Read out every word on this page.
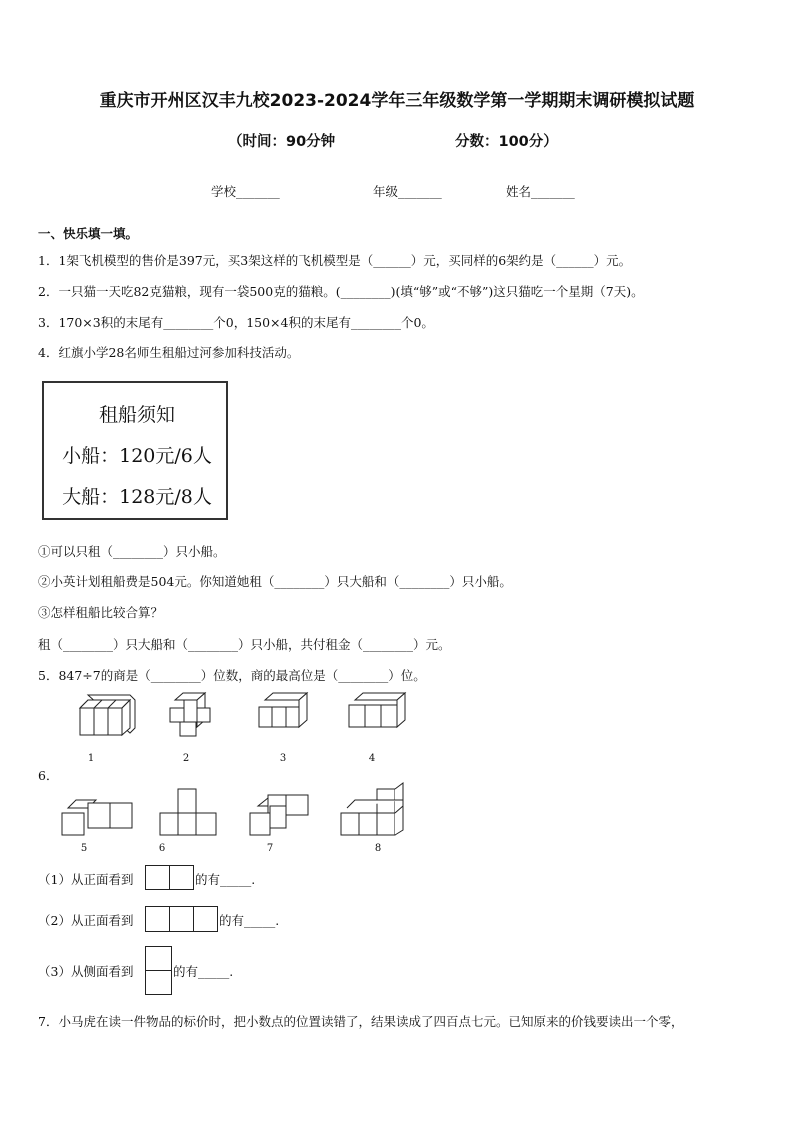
重庆市开州区汉丰九校2023-2024学年三年级数学第一学期期末调研模拟试题
（时间：90分钟	分数：100分）
学校_______	年级_______	姓名_______
一、快乐填一填。
1．1架飞机模型的售价是397元，买3架这样的飞机模型是（______）元，买同样的6架约是（______）元。
2．一只猫一天吃82克猫粮，现有一袋500克的猫粮。(________)(填“够”或“不够”)这只猫吃一个星期（7天)。
3．170×3积的末尾有________个0，150×4积的末尾有________个0。
4．红旗小学28名师生租船过河参加科技活动。
租船须知
小船：120元/6人
大船：128元/8人
①可以只租（________）只小船。
②小英计划租船费是504元。你知道她租（________）只大船和（________）只小船。
③怎样租船比较合算？
租（________）只大船和（________）只小船，共付租金（________）元。
5．847÷7的商是（________）位数，商的最高位是（________）位。
6．
1	2	3	4
5	6	7	8
（1）从正面看到	的有_____.
（2）从正面看到	的有_____.
（3）从侧面看到	的有_____.
7．小马虎在读一件物品的标价时，把小数点的位置读错了，结果读成了四百点七元。已知原来的价钱要读出一个零，
